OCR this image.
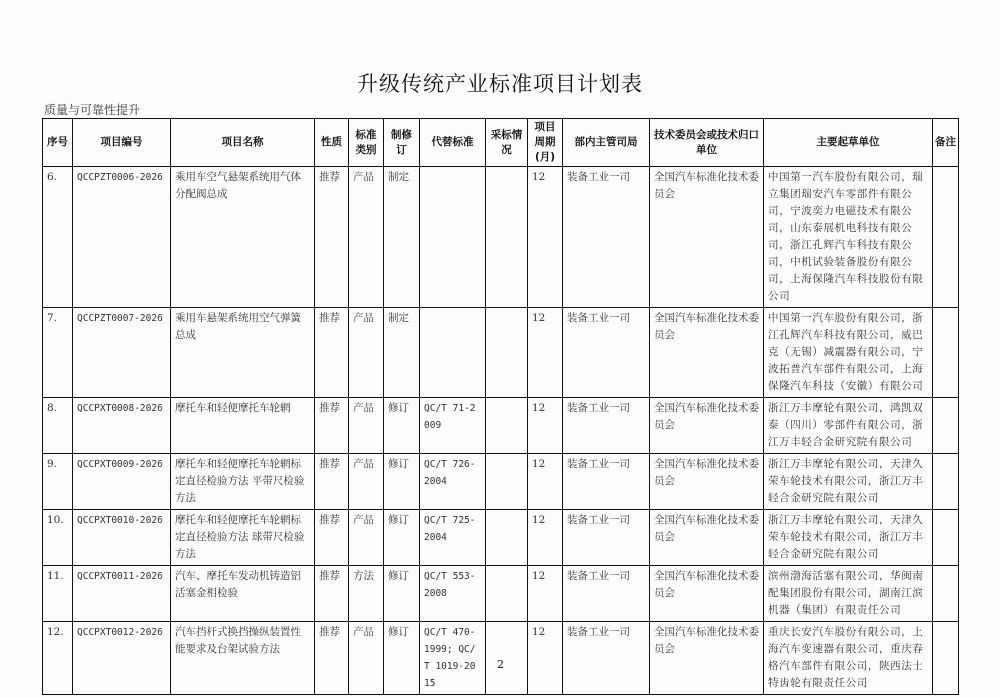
升级传统产业标准项目计划表
质量与可靠性提升
序号	项目编号	项目名称	性质	标准类别	制修订	代替标准	采标情况	项目周期(月)	部内主管司局	技术委员会或技术归口单位	主要起草单位	备注
6.	QCCPZT0006-2026	乘用车空气悬架系统用气体分配阀总成	推荐	产品	制定			12	装备工业一司	全国汽车标准化技术委员会	中国第一汽车股份有限公司，瑞立集团瑞安汽车零部件有限公司，宁波奕力电磁技术有限公司，山东泰展机电科技有限公司，浙江孔辉汽车科技有限公司，中机试验装备股份有限公司，上海保隆汽车科技股份有限公司	
7.	QCCPZT0007-2026	乘用车悬架系统用空气弹簧总成	推荐	产品	制定			12	装备工业一司	全国汽车标准化技术委员会	中国第一汽车股份有限公司，浙江孔辉汽车科技有限公司，威巴克（无锡）减震器有限公司，宁波拓普汽车部件有限公司，上海保隆汽车科技（安徽）有限公司	
8.	QCCPXT0008-2026	摩托车和轻便摩托车轮辋	推荐	产品	修订	QC/T 71-2009		12	装备工业一司	全国汽车标准化技术委员会	浙江万丰摩轮有限公司，鸿凯双泰（四川）零部件有限公司，浙江万丰轻合金研究院有限公司	
9.	QCCPXT0009-2026	摩托车和轻便摩托车轮辋标定直径检验方法 平带尺检验方法	推荐	产品	修订	QC/T 726-2004		12	装备工业一司	全国汽车标准化技术委员会	浙江万丰摩轮有限公司，天津久荣车轮技术有限公司，浙江万丰轻合金研究院有限公司	
10.	QCCPXT0010-2026	摩托车和轻便摩托车轮辋标定直径检验方法 球带尺检验方法	推荐	产品	修订	QC/T 725-2004		12	装备工业一司	全国汽车标准化技术委员会	浙江万丰摩轮有限公司，天津久荣车轮技术有限公司，浙江万丰轻合金研究院有限公司	
11.	QCCPXT0011-2026	汽车、摩托车发动机铸造铝活塞金相检验	推荐	方法	修订	QC/T 553-2008		12	装备工业一司	全国汽车标准化技术委员会	滨州渤海活塞有限公司，华闽南配集团股份有限公司，湖南江滨机器（集团）有限责任公司	
12.	QCCPXT0012-2026	汽车挡杆式换挡操纵装置性能要求及台架试验方法	推荐	产品	修订	QC/T 470-1999; QC/T 1019-2015		12	装备工业一司	全国汽车标准化技术委员会	重庆长安汽车股份有限公司，上海汽车变速器有限公司，重庆春格汽车部件有限公司，陕西法士特齿轮有限责任公司	
2
